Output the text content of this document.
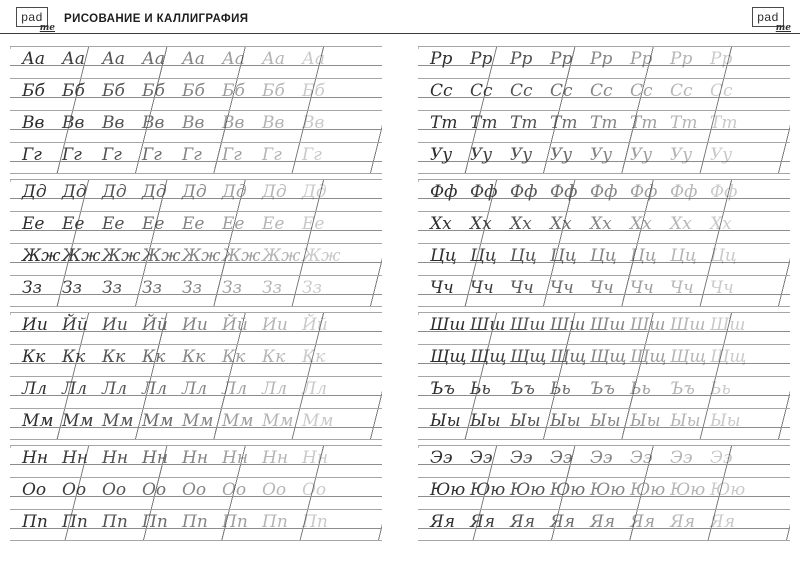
pad
me
РИСОВАНИЕ И КАЛЛИГРАФИЯ	pad
me
Аа Аа Аа Аа Аа Аа Аа Аа
Бб Бб Бб Бб Бб Бб Бб Бб
Вв Вв Вв Вв Вв Вв Вв Вв
Гг Гг Гг Гг Гг Гг Гг Гг
Дд Дд Дд Дд Дд Дд Дд Дд
Ее Ее Ее Ее Ее Ее Ее Ее
ЖжЖжЖжЖжЖжЖжЖжЖж
Зз Зз Зз Зз Зз Зз Зз Зз
Ии Йй Ии Йй Ии Йй Ии Йй
Кк Кк Кк Кк Кк Кк Кк Кк
Лл Лл Лл Лл Лл Лл Лл Лл
Мм Мм Мм Мм Мм Мм Мм Мм
Нн Нн Нн Нн Нн Нн Нн Нн
Оо Оо Оо Оо Оо Оо Оо Оо
Пп Пп Пп Пп Пп Пп Пп Пп
Рр Рр Рр Рр Рр Рр Рр Рр
Сс Сс Сс Сс Сс Сс Сс Сс
Тт Тт Тт Тт Тт Тт Тт Тт
Уу Уу Уу Уу Уу Уу Уу Уу
Фф Фф Фф Фф Фф Фф Фф Фф
Хх Хх Хх Хх Хх Хх Хх Хх
Цц Цц Цц Цц Цц Цц Цц Цц
Чч Чч Чч Чч Чч Чч Чч Чч
Шш Шш Шш Шш Шш Шш Шш Шш
Щщ Щщ Щщ Щщ Щщ Щщ Щщ Щщ
Ъъ Ьь Ъъ Ьь Ъъ Ьь Ъъ Ьь
Ыы Ыы Ыы Ыы Ыы Ыы Ыы Ыы
Ээ Ээ Ээ Ээ Ээ Ээ Ээ Ээ
Юю Юю Юю Юю Юю Юю Юю Юю
Яя Яя Яя Яя Яя Яя Яя Яя
